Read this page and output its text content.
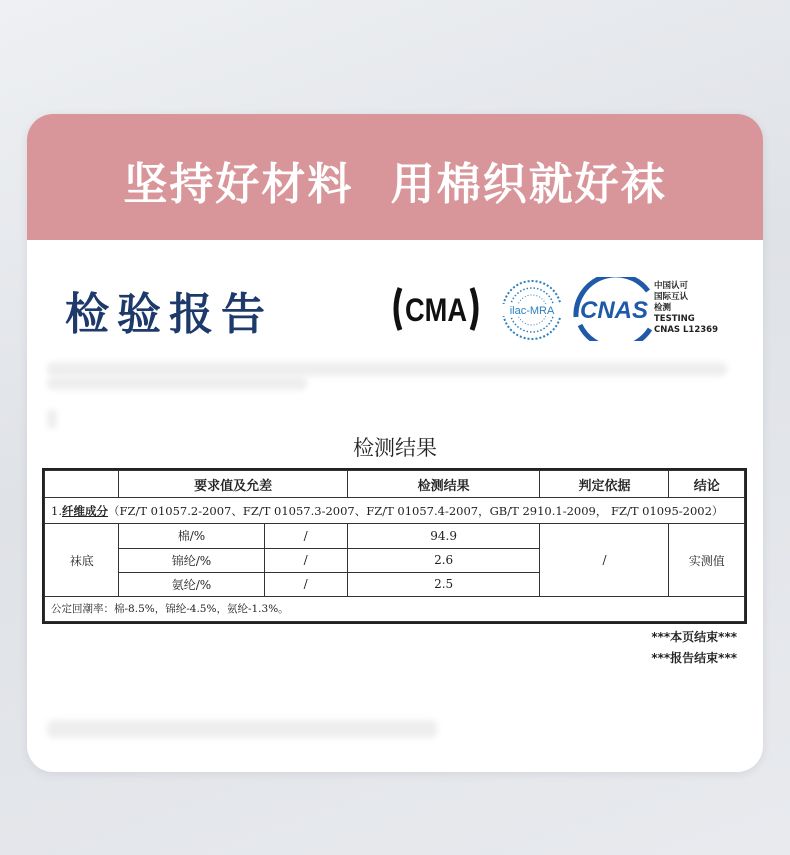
坚持好材料 用棉织就好袜
检验报告	CMA	ilac-MRA CNAS
中国认可
国际互认
检测
TESTING
CNAS L12369
检测结果
	要求值及允差		检测结果	判定依据	结论
1.纤维成分（FZ/T 01057.2-2007、FZ/T 01057.3-2007、FZ/T 01057.4-2007，GB/T 2910.1-2009， FZ/T 01095-2002）					
袜底	棉/%	/	94.9	/	实测值
	锦纶/%	/	2.6		
	氨纶/%	/	2.5		
公定回潮率：棉-8.5%，锦纶-4.5%，氨纶-1.3%。					
***本页结束***
***报告结束***
